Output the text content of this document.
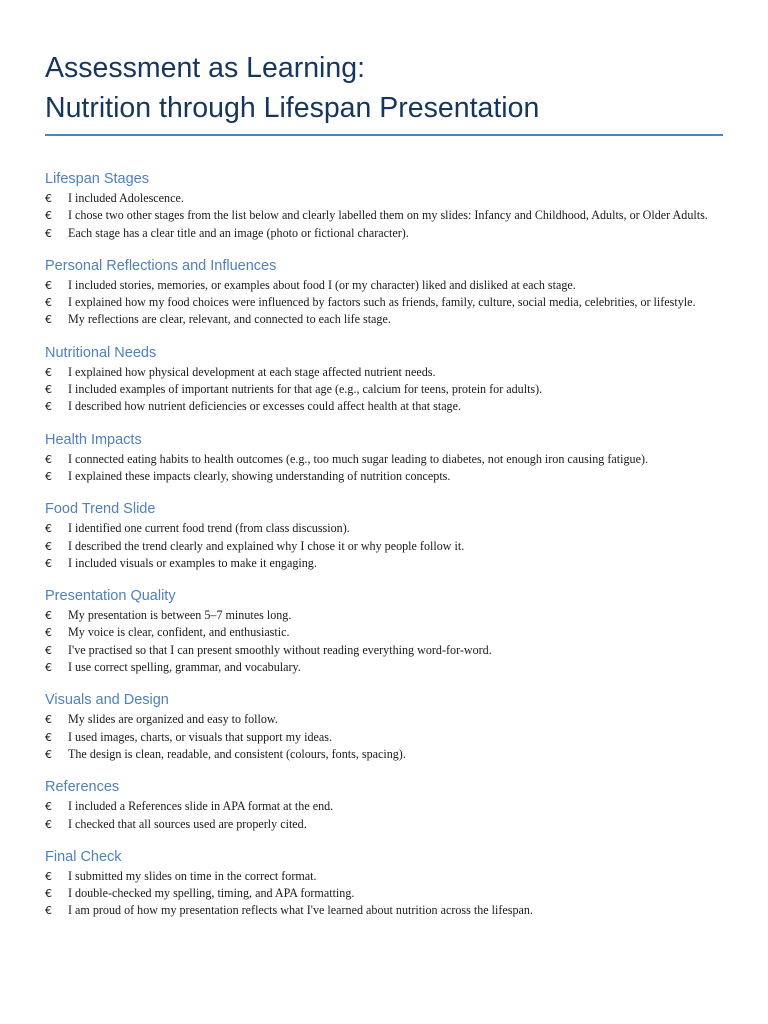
Assessment as Learning:
Nutrition through Lifespan Presentation
Lifespan Stages
€ I included Adolescence.
€ I chose two other stages from the list below and clearly labelled them on my slides: Infancy and Childhood, Adults, or Older Adults.
€ Each stage has a clear title and an image (photo or fictional character).
Personal Reflections and Influences
€ I included stories, memories, or examples about food I (or my character) liked and disliked at each stage.
€ I explained how my food choices were influenced by factors such as friends, family, culture, social media, celebrities, or lifestyle.
€ My reflections are clear, relevant, and connected to each life stage.
Nutritional Needs
€ I explained how physical development at each stage affected nutrient needs.
€ I included examples of important nutrients for that age (e.g., calcium for teens, protein for adults).
€ I described how nutrient deficiencies or excesses could affect health at that stage.
Health Impacts
€ I connected eating habits to health outcomes (e.g., too much sugar leading to diabetes, not enough iron causing fatigue).
€ I explained these impacts clearly, showing understanding of nutrition concepts.
Food Trend Slide
€ I identified one current food trend (from class discussion).
€ I described the trend clearly and explained why I chose it or why people follow it.
€ I included visuals or examples to make it engaging.
Presentation Quality
€ My presentation is between 5–7 minutes long.
€ My voice is clear, confident, and enthusiastic.
€ I've practised so that I can present smoothly without reading everything word-for-word.
€ I use correct spelling, grammar, and vocabulary.
Visuals and Design
€ My slides are organized and easy to follow.
€ I used images, charts, or visuals that support my ideas.
€ The design is clean, readable, and consistent (colours, fonts, spacing).
References
€ I included a References slide in APA format at the end.
€ I checked that all sources used are properly cited.
Final Check
€ I submitted my slides on time in the correct format.
€ I double-checked my spelling, timing, and APA formatting.
€ I am proud of how my presentation reflects what I've learned about nutrition across the lifespan.
